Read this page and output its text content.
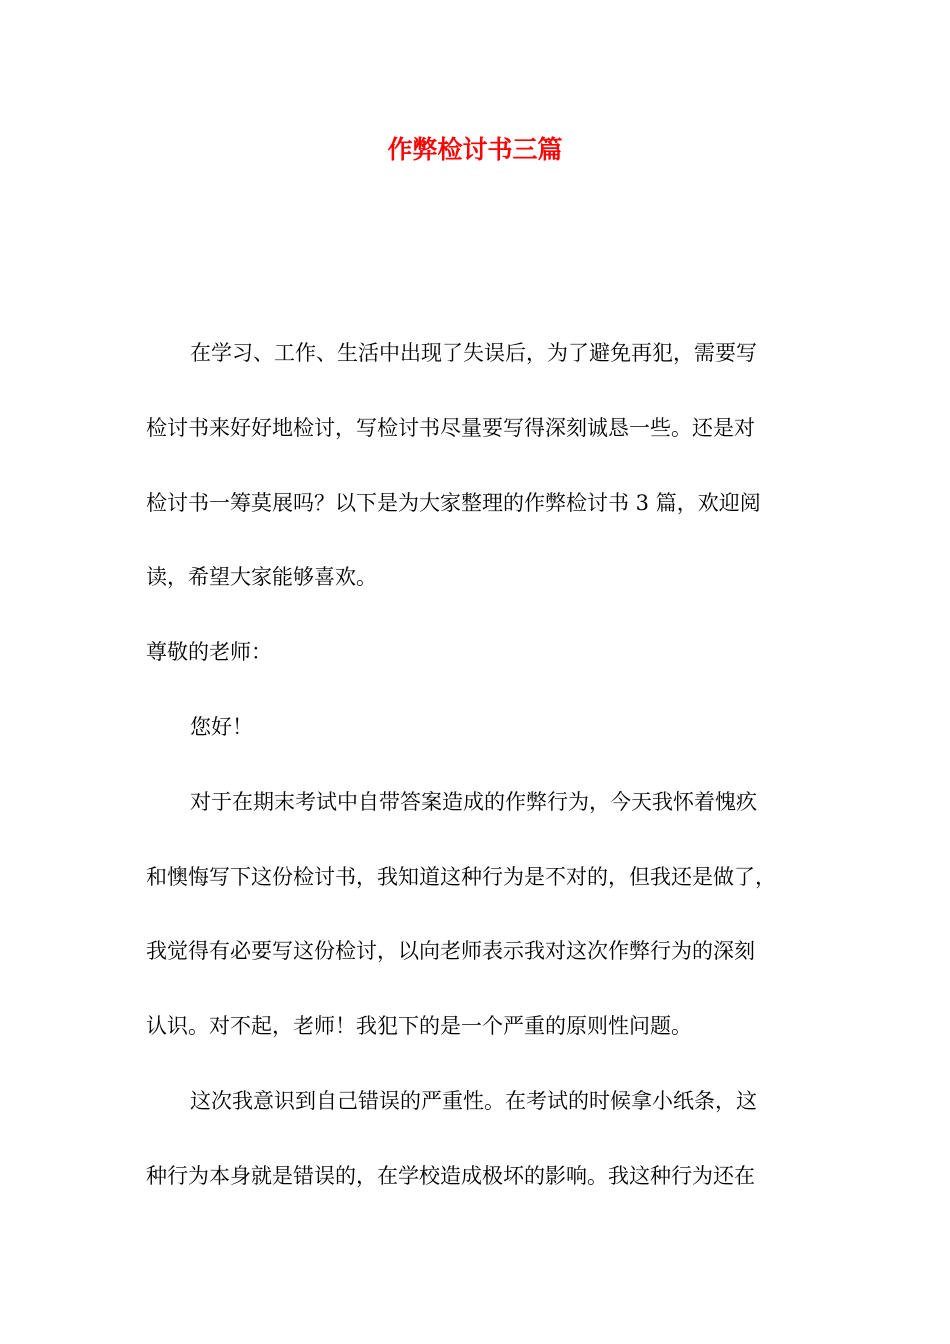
作弊检讨书三篇

在学习、工作、生活中出现了失误后，为了避免再犯，需要写
检讨书来好好地检讨，写检讨书尽量要写得深刻诚恳一些。还是对
检讨书一筹莫展吗？以下是为大家整理的作弊检讨书 3 篇，欢迎阅
读，希望大家能够喜欢。

尊敬的老师：

您好！

对于在期末考试中自带答案造成的作弊行为，今天我怀着愧疚
和懊悔写下这份检讨书，我知道这种行为是不对的，但我还是做了，
我觉得有必要写这份检讨，以向老师表示我对这次作弊行为的深刻
认识。对不起，老师！我犯下的是一个严重的原则性问题。

这次我意识到自己错误的严重性。在考试的时候拿小纸条，这
种行为本身就是错误的，在学校造成极坏的影响。我这种行为还在
